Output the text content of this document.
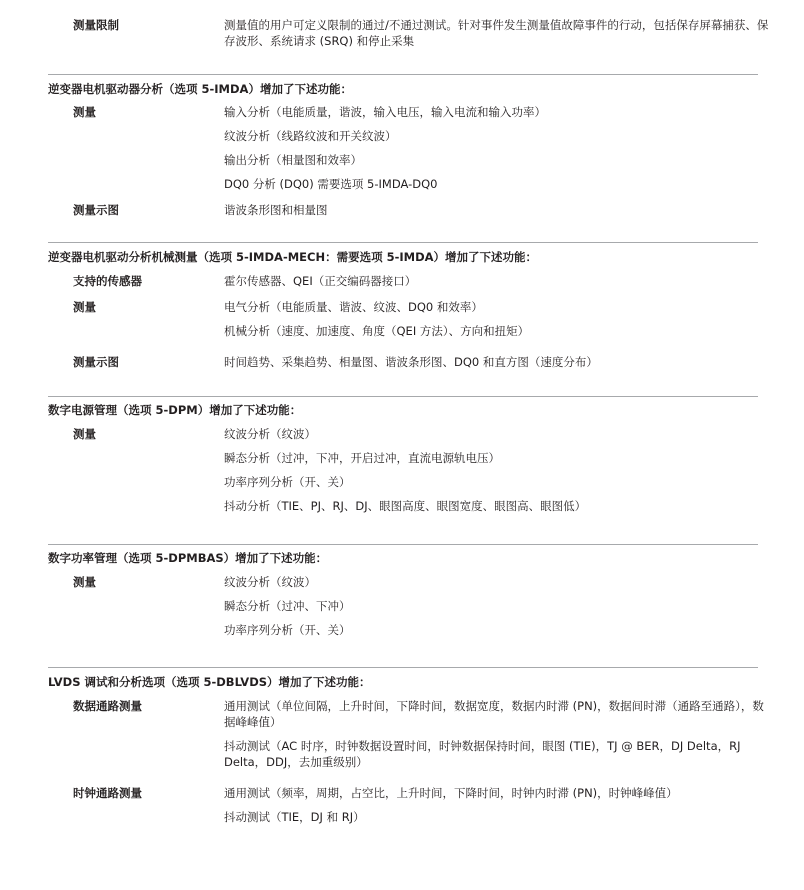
测量限制	测量值的用户可定义限制的通过/不通过测试。针对事件发生测量值故障事件的行动，包括保存屏幕捕获、保存波形、系统请求 (SRQ) 和停止采集
逆变器电机驱动器分析（选项 5-IMDA）增加了下述功能：
测量	输入分析（电能质量，谐波，输入电压，输入电流和输入功率）
纹波分析（线路纹波和开关纹波）
输出分析（相量图和效率）
DQ0 分析 (DQ0) 需要选项 5-IMDA-DQ0
测量示图	谐波条形图和相量图
逆变器电机驱动分析机械测量（选项 5-IMDA-MECH：需要选项 5-IMDA）增加了下述功能：
支持的传感器	霍尔传感器、QEI（正交编码器接口）
测量	电气分析（电能质量、谐波、纹波、DQ0 和效率）
机械分析（速度、加速度、角度（QEI 方法）、方向和扭矩）
测量示图	时间趋势、采集趋势、相量图、谐波条形图、DQ0 和直方图（速度分布）
数字电源管理（选项 5-DPM）增加了下述功能：
测量	纹波分析（纹波）
瞬态分析（过冲，下冲，开启过冲，直流电源轨电压）
功率序列分析（开、关）
抖动分析（TIE、PJ、RJ、DJ、眼图高度、眼图宽度、眼图高、眼图低）
数字功率管理（选项 5-DPMBAS）增加了下述功能：
测量	纹波分析（纹波）
瞬态分析（过冲、下冲）
功率序列分析（开、关）
LVDS 调试和分析选项（选项 5-DBLVDS）增加了下述功能：
数据通路测量	通用测试（单位间隔，上升时间，下降时间，数据宽度，数据内时滞 (PN)，数据间时滞（通路至通路），数据峰峰值）
抖动测试（AC 时序，时钟数据设置时间，时钟数据保持时间，眼图 (TIE)，TJ @ BER，DJ Delta，RJ Delta，DDJ，去加重级别）
时钟通路测量	通用测试（频率，周期，占空比，上升时间，下降时间，时钟内时滞 (PN)，时钟峰峰值）
抖动测试（TIE，DJ 和 RJ）
